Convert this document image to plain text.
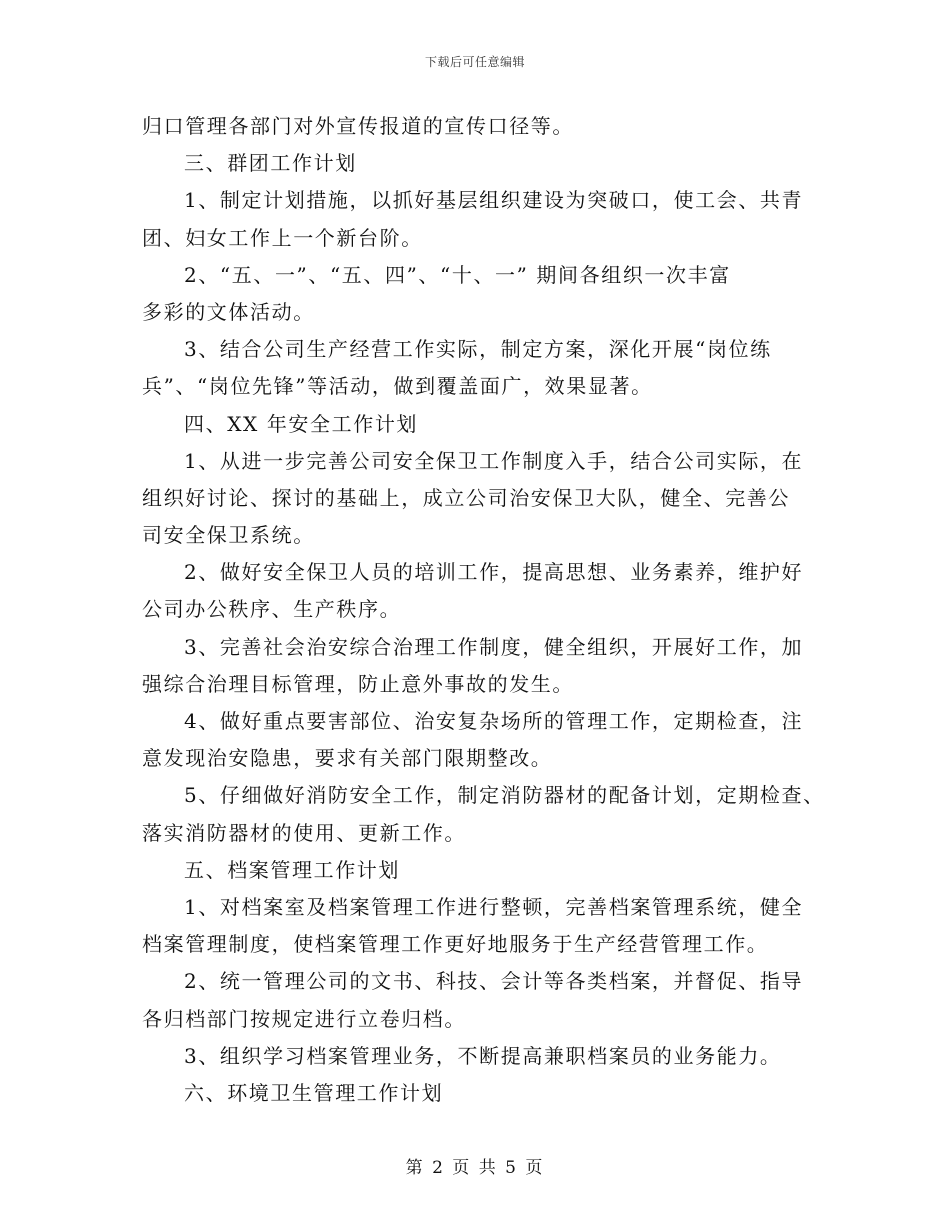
下载后可任意编辑
归口管理各部门对外宣传报道的宣传口径等。
三、群团工作计划
1、制定计划措施，以抓好基层组织建设为突破口，使工会、共青
团、妇女工作上一个新台阶。
2、“五、一”、“五、四”、“十、一” 期间各组织一次丰富
多彩的文体活动。
3、结合公司生产经营工作实际，制定方案，深化开展“岗位练
兵”、“岗位先锋”等活动，做到覆盖面广，效果显著。
四、XX 年安全工作计划
1、从进一步完善公司安全保卫工作制度入手，结合公司实际，在
组织好讨论、探讨的基础上，成立公司治安保卫大队，健全、完善公
司安全保卫系统。
2、做好安全保卫人员的培训工作，提高思想、业务素养，维护好
公司办公秩序、生产秩序。
3、完善社会治安综合治理工作制度，健全组织，开展好工作，加
强综合治理目标管理，防止意外事故的发生。
4、做好重点要害部位、治安复杂场所的管理工作，定期检查，注
意发现治安隐患，要求有关部门限期整改。
5、仔细做好消防安全工作，制定消防器材的配备计划，定期检查、
落实消防器材的使用、更新工作。
五、档案管理工作计划
1、对档案室及档案管理工作进行整顿，完善档案管理系统，健全
档案管理制度，使档案管理工作更好地服务于生产经营管理工作。
2、统一管理公司的文书、科技、会计等各类档案，并督促、指导
各归档部门按规定进行立卷归档。
3、组织学习档案管理业务，不断提高兼职档案员的业务能力。
六、环境卫生管理工作计划
第 2 页 共 5 页
